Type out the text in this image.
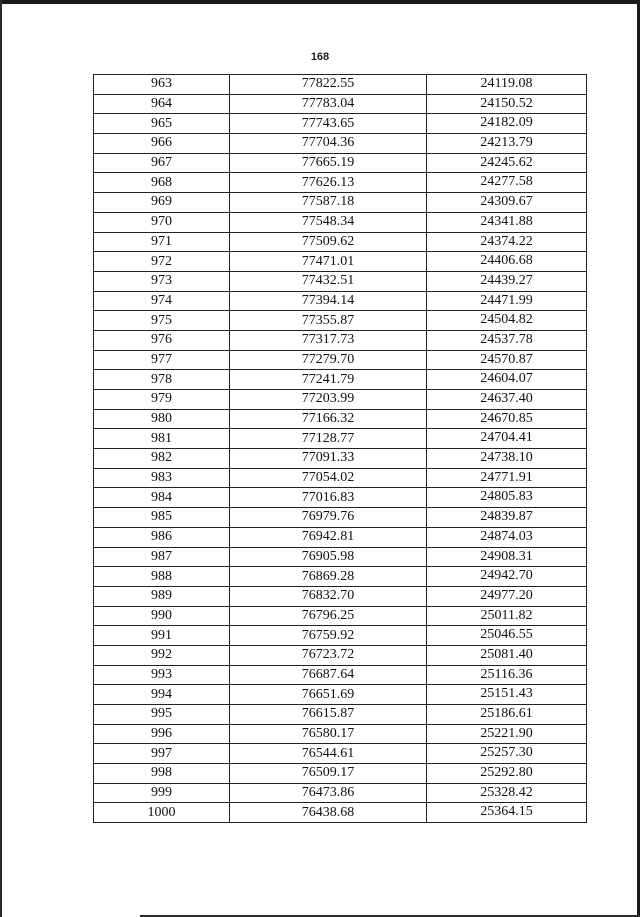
168
963	77822.55	24119.08
964	77783.04	24150.52
965	77743.65	24182.09
966	77704.36	24213.79
967	77665.19	24245.62
968	77626.13	24277.58
969	77587.18	24309.67
970	77548.34	24341.88
971	77509.62	24374.22
972	77471.01	24406.68
973	77432.51	24439.27
974	77394.14	24471.99
975	77355.87	24504.82
976	77317.73	24537.78
977	77279.70	24570.87
978	77241.79	24604.07
979	77203.99	24637.40
980	77166.32	24670.85
981	77128.77	24704.41
982	77091.33	24738.10
983	77054.02	24771.91
984	77016.83	24805.83
985	76979.76	24839.87
986	76942.81	24874.03
987	76905.98	24908.31
988	76869.28	24942.70
989	76832.70	24977.20
990	76796.25	25011.82
991	76759.92	25046.55
992	76723.72	25081.40
993	76687.64	25116.36
994	76651.69	25151.43
995	76615.87	25186.61
996	76580.17	25221.90
997	76544.61	25257.30
998	76509.17	25292.80
999	76473.86	25328.42
1000	76438.68	25364.15
